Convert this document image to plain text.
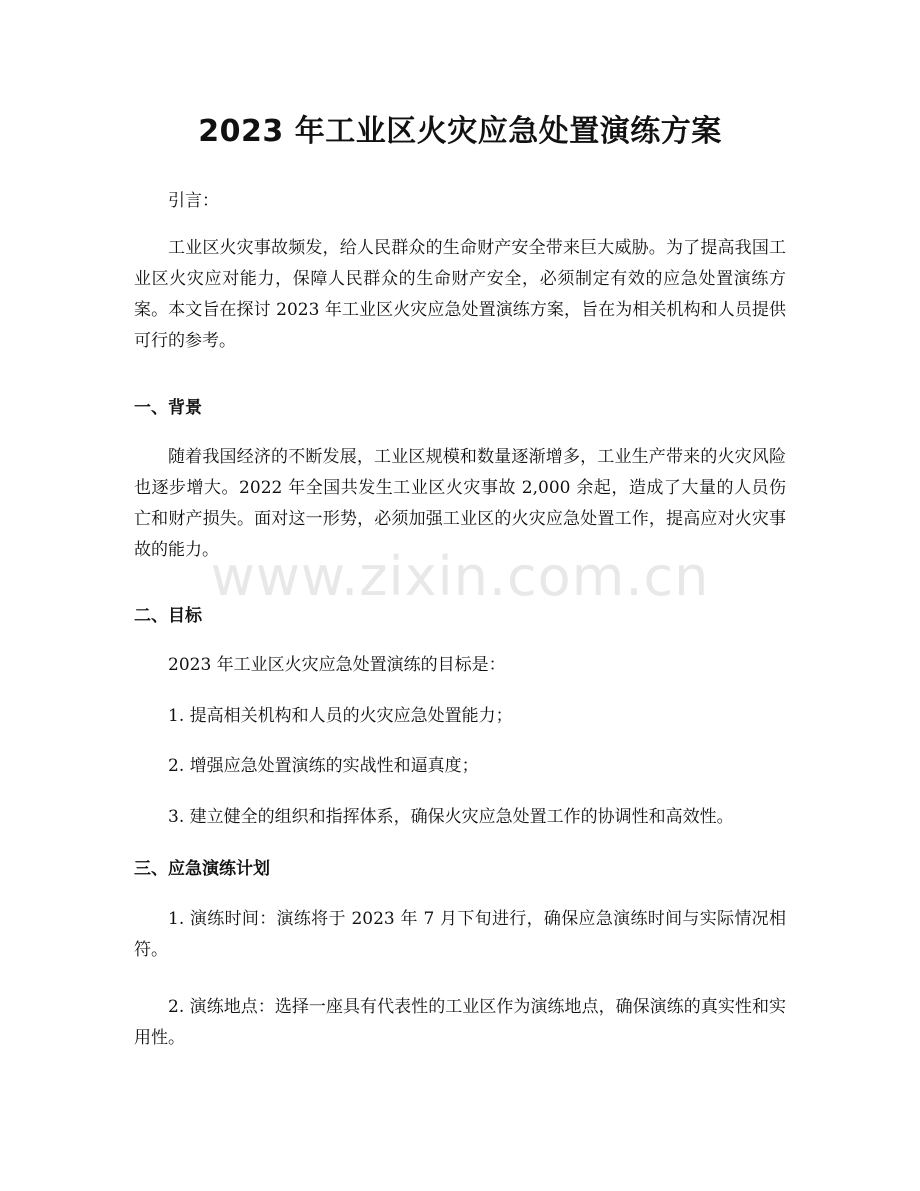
2023 年工业区火灾应急处置演练方案

引言：

工业区火灾事故频发，给人民群众的生命财产安全带来巨大威胁。为了提高我国工业区火灾应对能力，保障人民群众的生命财产安全，必须制定有效的应急处置演练方案。本文旨在探讨 2023 年工业区火灾应急处置演练方案，旨在为相关机构和人员提供可行的参考。

一、背景

随着我国经济的不断发展，工业区规模和数量逐渐增多，工业生产带来的火灾风险也逐步增大。2022 年全国共发生工业区火灾事故 2,000 余起，造成了大量的人员伤亡和财产损失。面对这一形势，必须加强工业区的火灾应急处置工作，提高应对火灾事故的能力。

二、目标

2023 年工业区火灾应急处置演练的目标是：

1. 提高相关机构和人员的火灾应急处置能力；

2. 增强应急处置演练的实战性和逼真度；

3. 建立健全的组织和指挥体系，确保火灾应急处置工作的协调性和高效性。

三、应急演练计划

1. 演练时间：演练将于 2023 年 7 月下旬进行，确保应急演练时间与实际情况相符。

2. 演练地点：选择一座具有代表性的工业区作为演练地点，确保演练的真实性和实用性。

www.zixin.com.cn
